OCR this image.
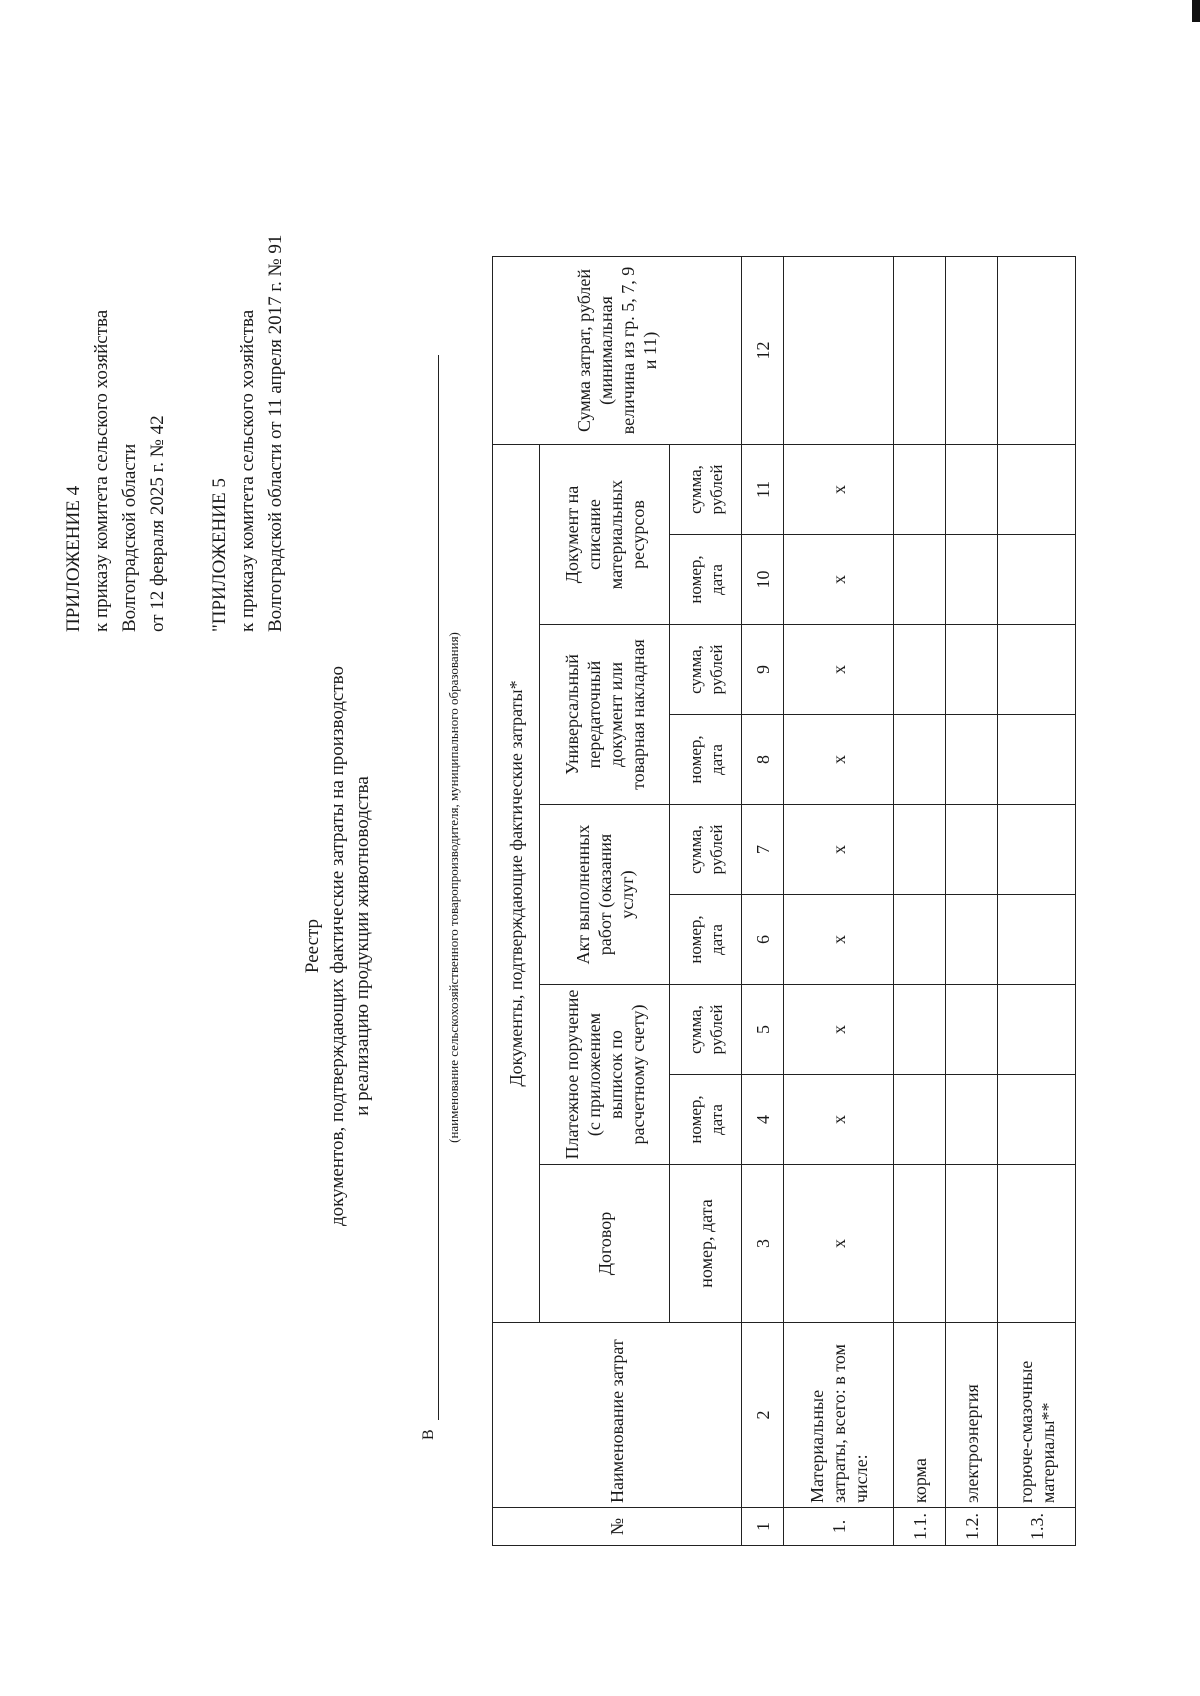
ПРИЛОЖЕНИЕ 4 к приказу комитета сельского хозяйства Волгоградской области от 12 февраля 2025 г. № 42 "ПРИЛОЖЕНИЕ 5 к приказу комитета сельского хозяйства Волгоградской области от 11 апреля 2017 г. № 91
Реестр документов, подтверждающих фактические затраты на производство и реализацию продукции животноводства
В
(наименование сельскохозяйственного товаропроизводителя, муниципального образования)
№	Наименование затрат	Документы, подтверждающие фактические затраты*									Сумма затрат, рублей (минимальная величина из гр. 5, 7, 9 и 11)
		Договор	Платежное поручение (с приложением выписок по расчетному счету)		Акт выполненных работ (оказания услуг)		Универсальный передаточный документ или товарная накладная		Документ на списание материальных ресурсов		
		номер, дата	номер, дата	сумма, рублей	номер, дата	сумма, рублей	номер, дата	сумма, рублей	номер, дата	сумма, рублей	
1	2	3	4	5	6	7	8	9	10	11	12
1.	Материальные затраты, всего: в том числе:	х	х	х	х	х	х	х	х	х	
1.1.	корма										
1.2.	электроэнергия										
1.3.	горюче-смазочные материалы**										
